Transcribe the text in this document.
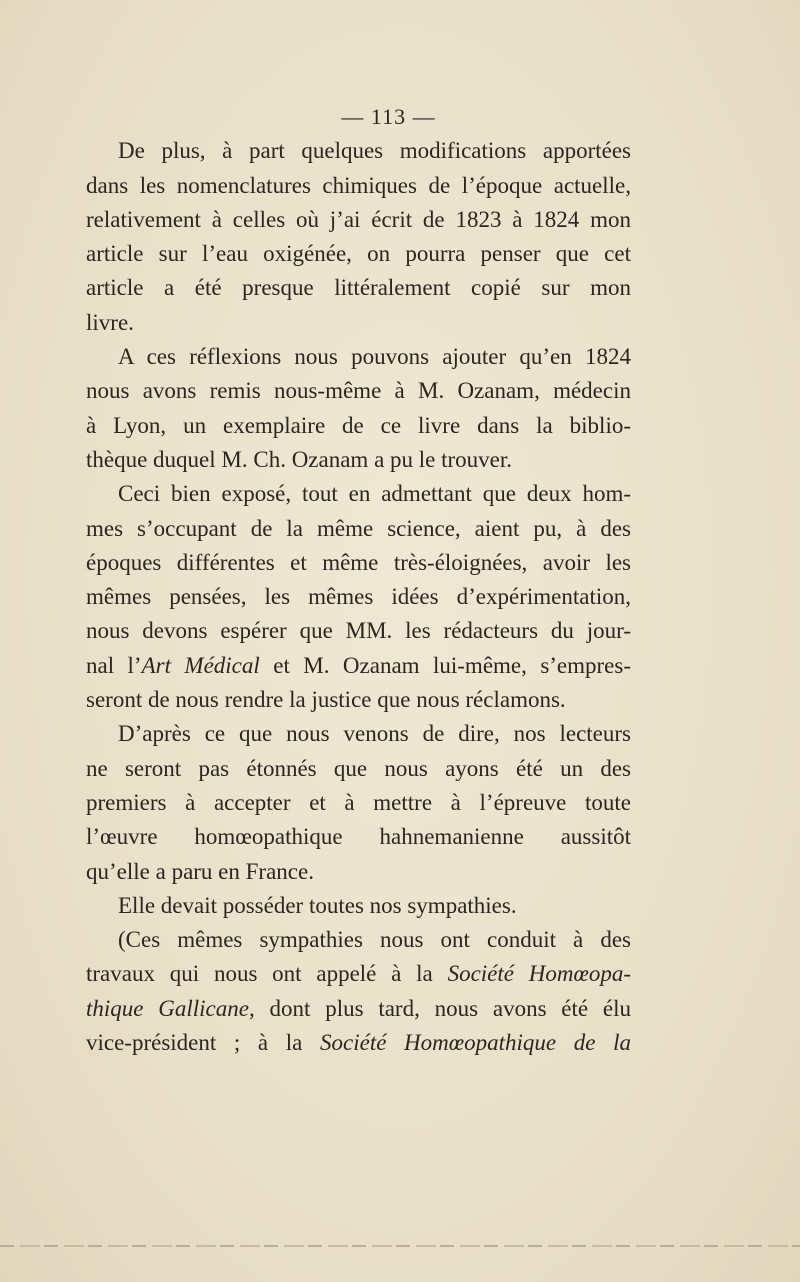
— 113 —
De plus, à part quelques modifications apportées
dans les nomenclatures chimiques de l’époque actuelle,
relativement à celles où j’ai écrit de 1823 à 1824 mon
article sur l’eau oxigénée, on pourra penser que cet
article a été presque littéralement copié sur mon
livre.
A ces réflexions nous pouvons ajouter qu’en 1824
nous avons remis nous-même à M. Ozanam, médecin
à Lyon, un exemplaire de ce livre dans la biblio-
thèque duquel M. Ch. Ozanam a pu le trouver.
Ceci bien exposé, tout en admettant que deux hom-
mes s’occupant de la même science, aient pu, à des
époques différentes et même très-éloignées, avoir les
mêmes pensées, les mêmes idées d’expérimentation,
nous devons espérer que MM. les rédacteurs du jour-
nal l’Art Médical et M. Ozanam lui-même, s’empres-
seront de nous rendre la justice que nous réclamons.
D’après ce que nous venons de dire, nos lecteurs
ne seront pas étonnés que nous ayons été un des
premiers à accepter et à mettre à l’épreuve toute
l’œuvre homœopathique hahnemanienne aussitôt
qu’elle a paru en France.
Elle devait posséder toutes nos sympathies.
(Ces mêmes sympathies nous ont conduit à des
travaux qui nous ont appelé à la Société Homœopa-
thique Gallicane, dont plus tard, nous avons été élu
vice-président ; à la Société Homœopathique de la
